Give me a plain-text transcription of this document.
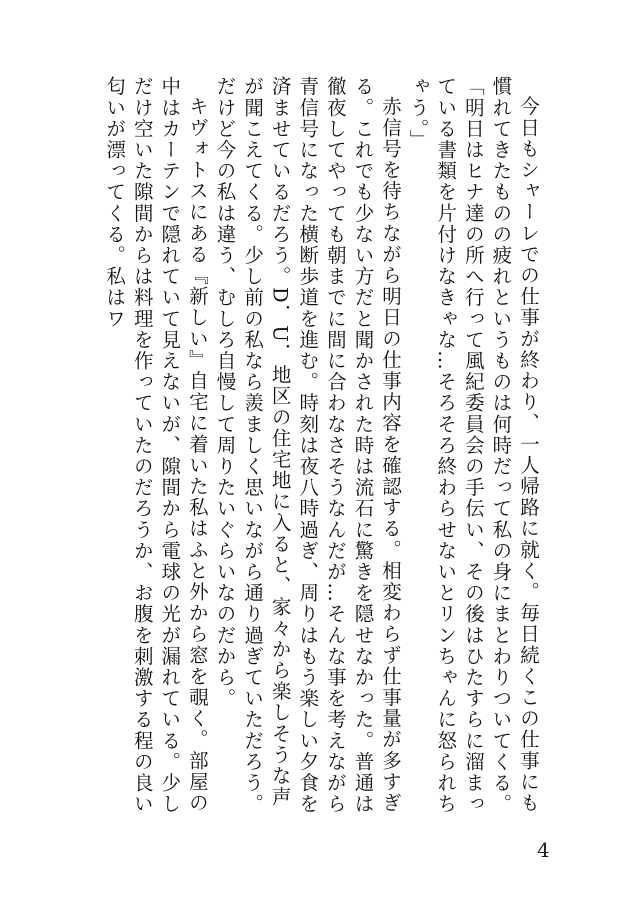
今日もシャーレでの仕事が終わり、一人帰路に就く。毎日続くこの仕事にも慣れてきたものの疲れというものは何時だって私の身にまとわりついてくる。

「明日はヒナ達の所へ行って風紀委員会の手伝い、その後はひたすらに溜まっている書類を片付けなきゃな…そろそろ終わらせないとリンちゃんに怒られちゃう。」

赤信号を待ちながら明日の仕事内容を確認する。相変わらず仕事量が多すぎる。これでも少ない方だと聞かされた時は流石に驚きを隠せなかった。普通は徹夜してやっても朝までに間に合わなさそうなんだが…そんな事を考えながら青信号になった横断歩道を進む。時刻は夜八時過ぎ、周りはもう楽しい夕食を済ませているだろう。D．U．地区の住宅地に入ると、家々から楽しそうな声が聞こえてくる。少し前の私なら羨ましく思いながら通り過ぎていただろう。だけど今の私は違う、むしろ自慢して周りたいぐらいなのだから。

キヴォトスにある『新しい』自宅に着いた私はふと外から窓を覗く。部屋の中はカーテンで隠れていて見えないが、隙間から電球の光が漏れている。少しだけ空いた隙間からは料理を作っていたのだろうか、お腹を刺激する程の良い匂いが漂ってくる。私はワ

4
